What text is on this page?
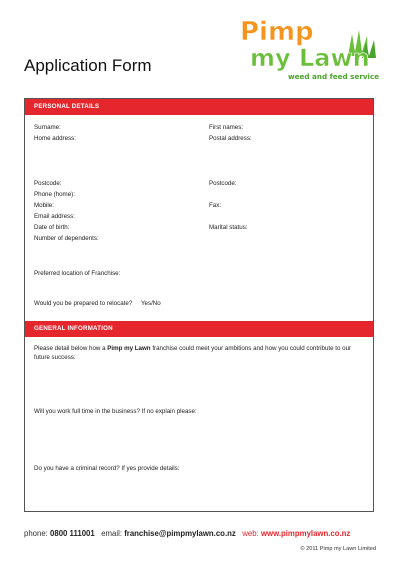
Application Form
Pimp
my Lawn
weed and feed service
PERSONAL DETAILS
Surname:	First names:
Home address:	Postal address:
Postcode:	Postcode:
Phone (home):
Mobile:	Fax:
Email address:
Date of birth:	Marital status:
Number of dependents:
Preferred location of Franchise:
Would you be prepared to relocate? Yes/No
GENERAL INFORMATION
Please detail below how a Pimp my Lawn franchise could meet your ambitions and how you could contribute to our future success:
Will you work full time in the business? If no explain please:
Do you have a criminal record? If yes provide details:
phone: 0800 111001 email: franchise@pimpmylawn.co.nz web: www.pimpmylawn.co.nz
© 2011 Pimp my Lawn Limited
